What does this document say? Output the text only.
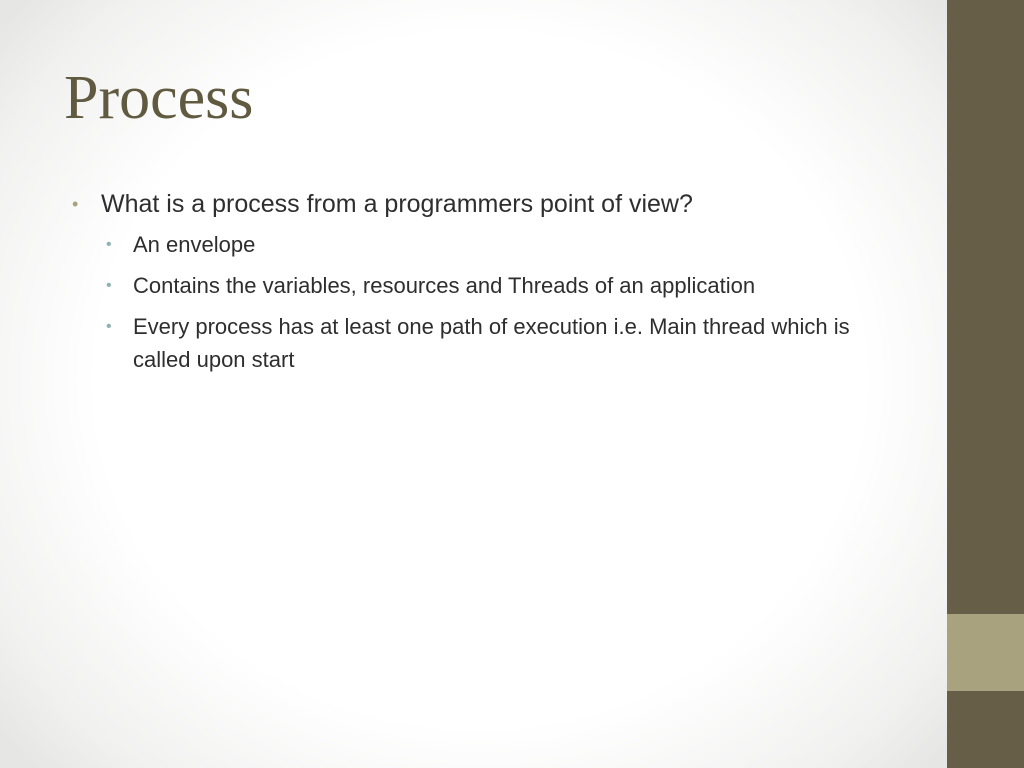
Process
• What is a process from a programmers point of view?
• An envelope
• Contains the variables, resources and Threads of an application
• Every process has at least one path of execution i.e. Main thread which is called upon start
